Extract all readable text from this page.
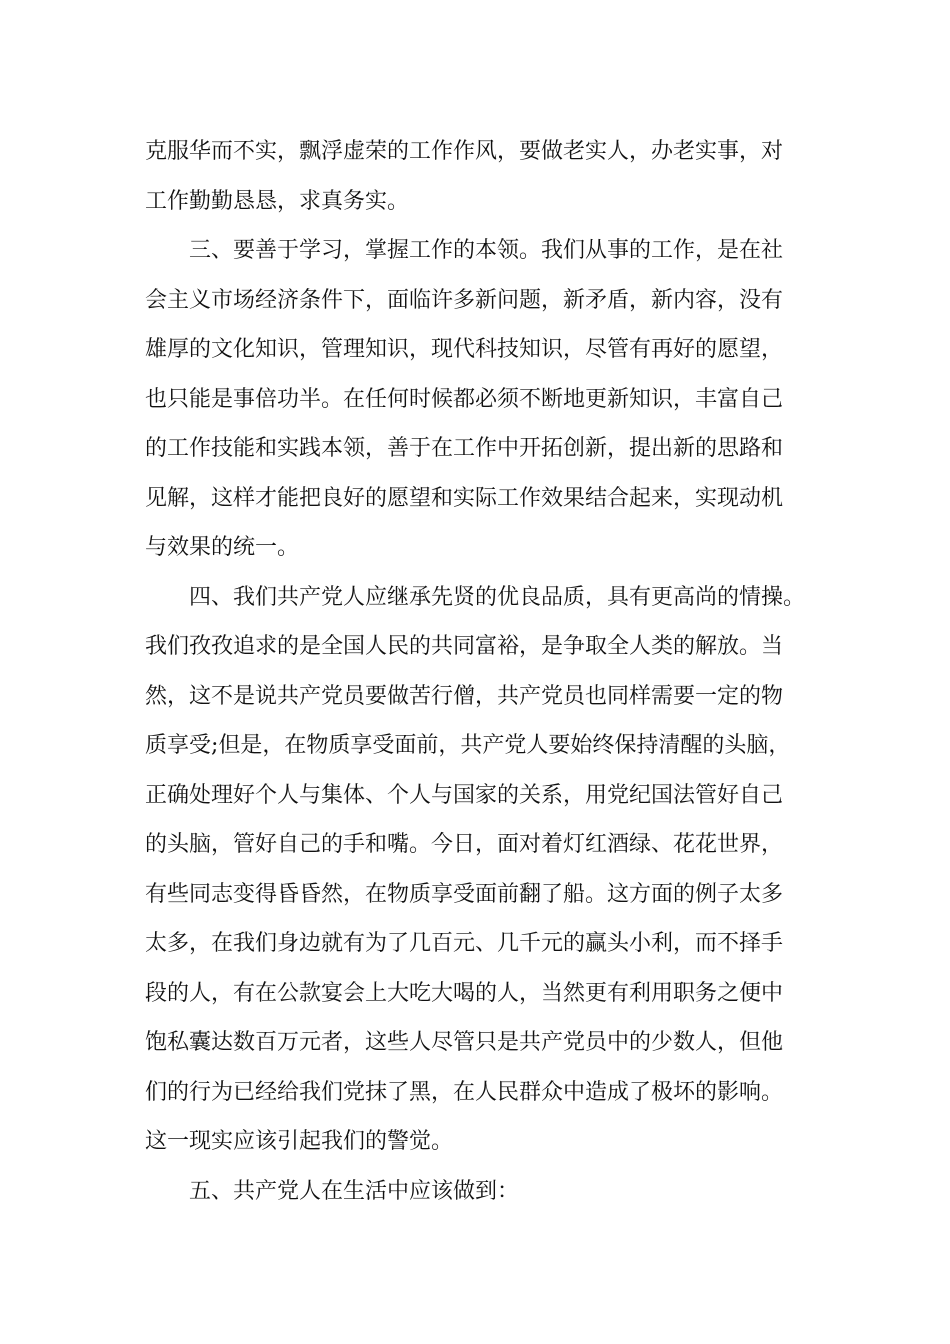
克服华而不实，飘浮虚荣的工作作风，要做老实人，办老实事，对
工作勤勤恳恳，求真务实。
三、要善于学习，掌握工作的本领。我们从事的工作，是在社
会主义市场经济条件下，面临许多新问题，新矛盾，新内容，没有
雄厚的文化知识，管理知识，现代科技知识，尽管有再好的愿望，
也只能是事倍功半。在任何时候都必须不断地更新知识，丰富自己
的工作技能和实践本领，善于在工作中开拓创新，提出新的思路和
见解，这样才能把良好的愿望和实际工作效果结合起来，实现动机
与效果的统一。
四、我们共产党人应继承先贤的优良品质，具有更高尚的情操。
我们孜孜追求的是全国人民的共同富裕，是争取全人类的解放。当
然，这不是说共产党员要做苦行僧，共产党员也同样需要一定的物
质享受;但是，在物质享受面前，共产党人要始终保持清醒的头脑，
正确处理好个人与集体、个人与国家的关系，用党纪国法管好自己
的头脑，管好自己的手和嘴。今日，面对着灯红酒绿、花花世界，
有些同志变得昏昏然，在物质享受面前翻了船。这方面的例子太多
太多，在我们身边就有为了几百元、几千元的赢头小利，而不择手
段的人，有在公款宴会上大吃大喝的人，当然更有利用职务之便中
饱私囊达数百万元者，这些人尽管只是共产党员中的少数人，但他
们的行为已经给我们党抹了黑，在人民群众中造成了极坏的影响。
这一现实应该引起我们的警觉。
五、共产党人在生活中应该做到：
